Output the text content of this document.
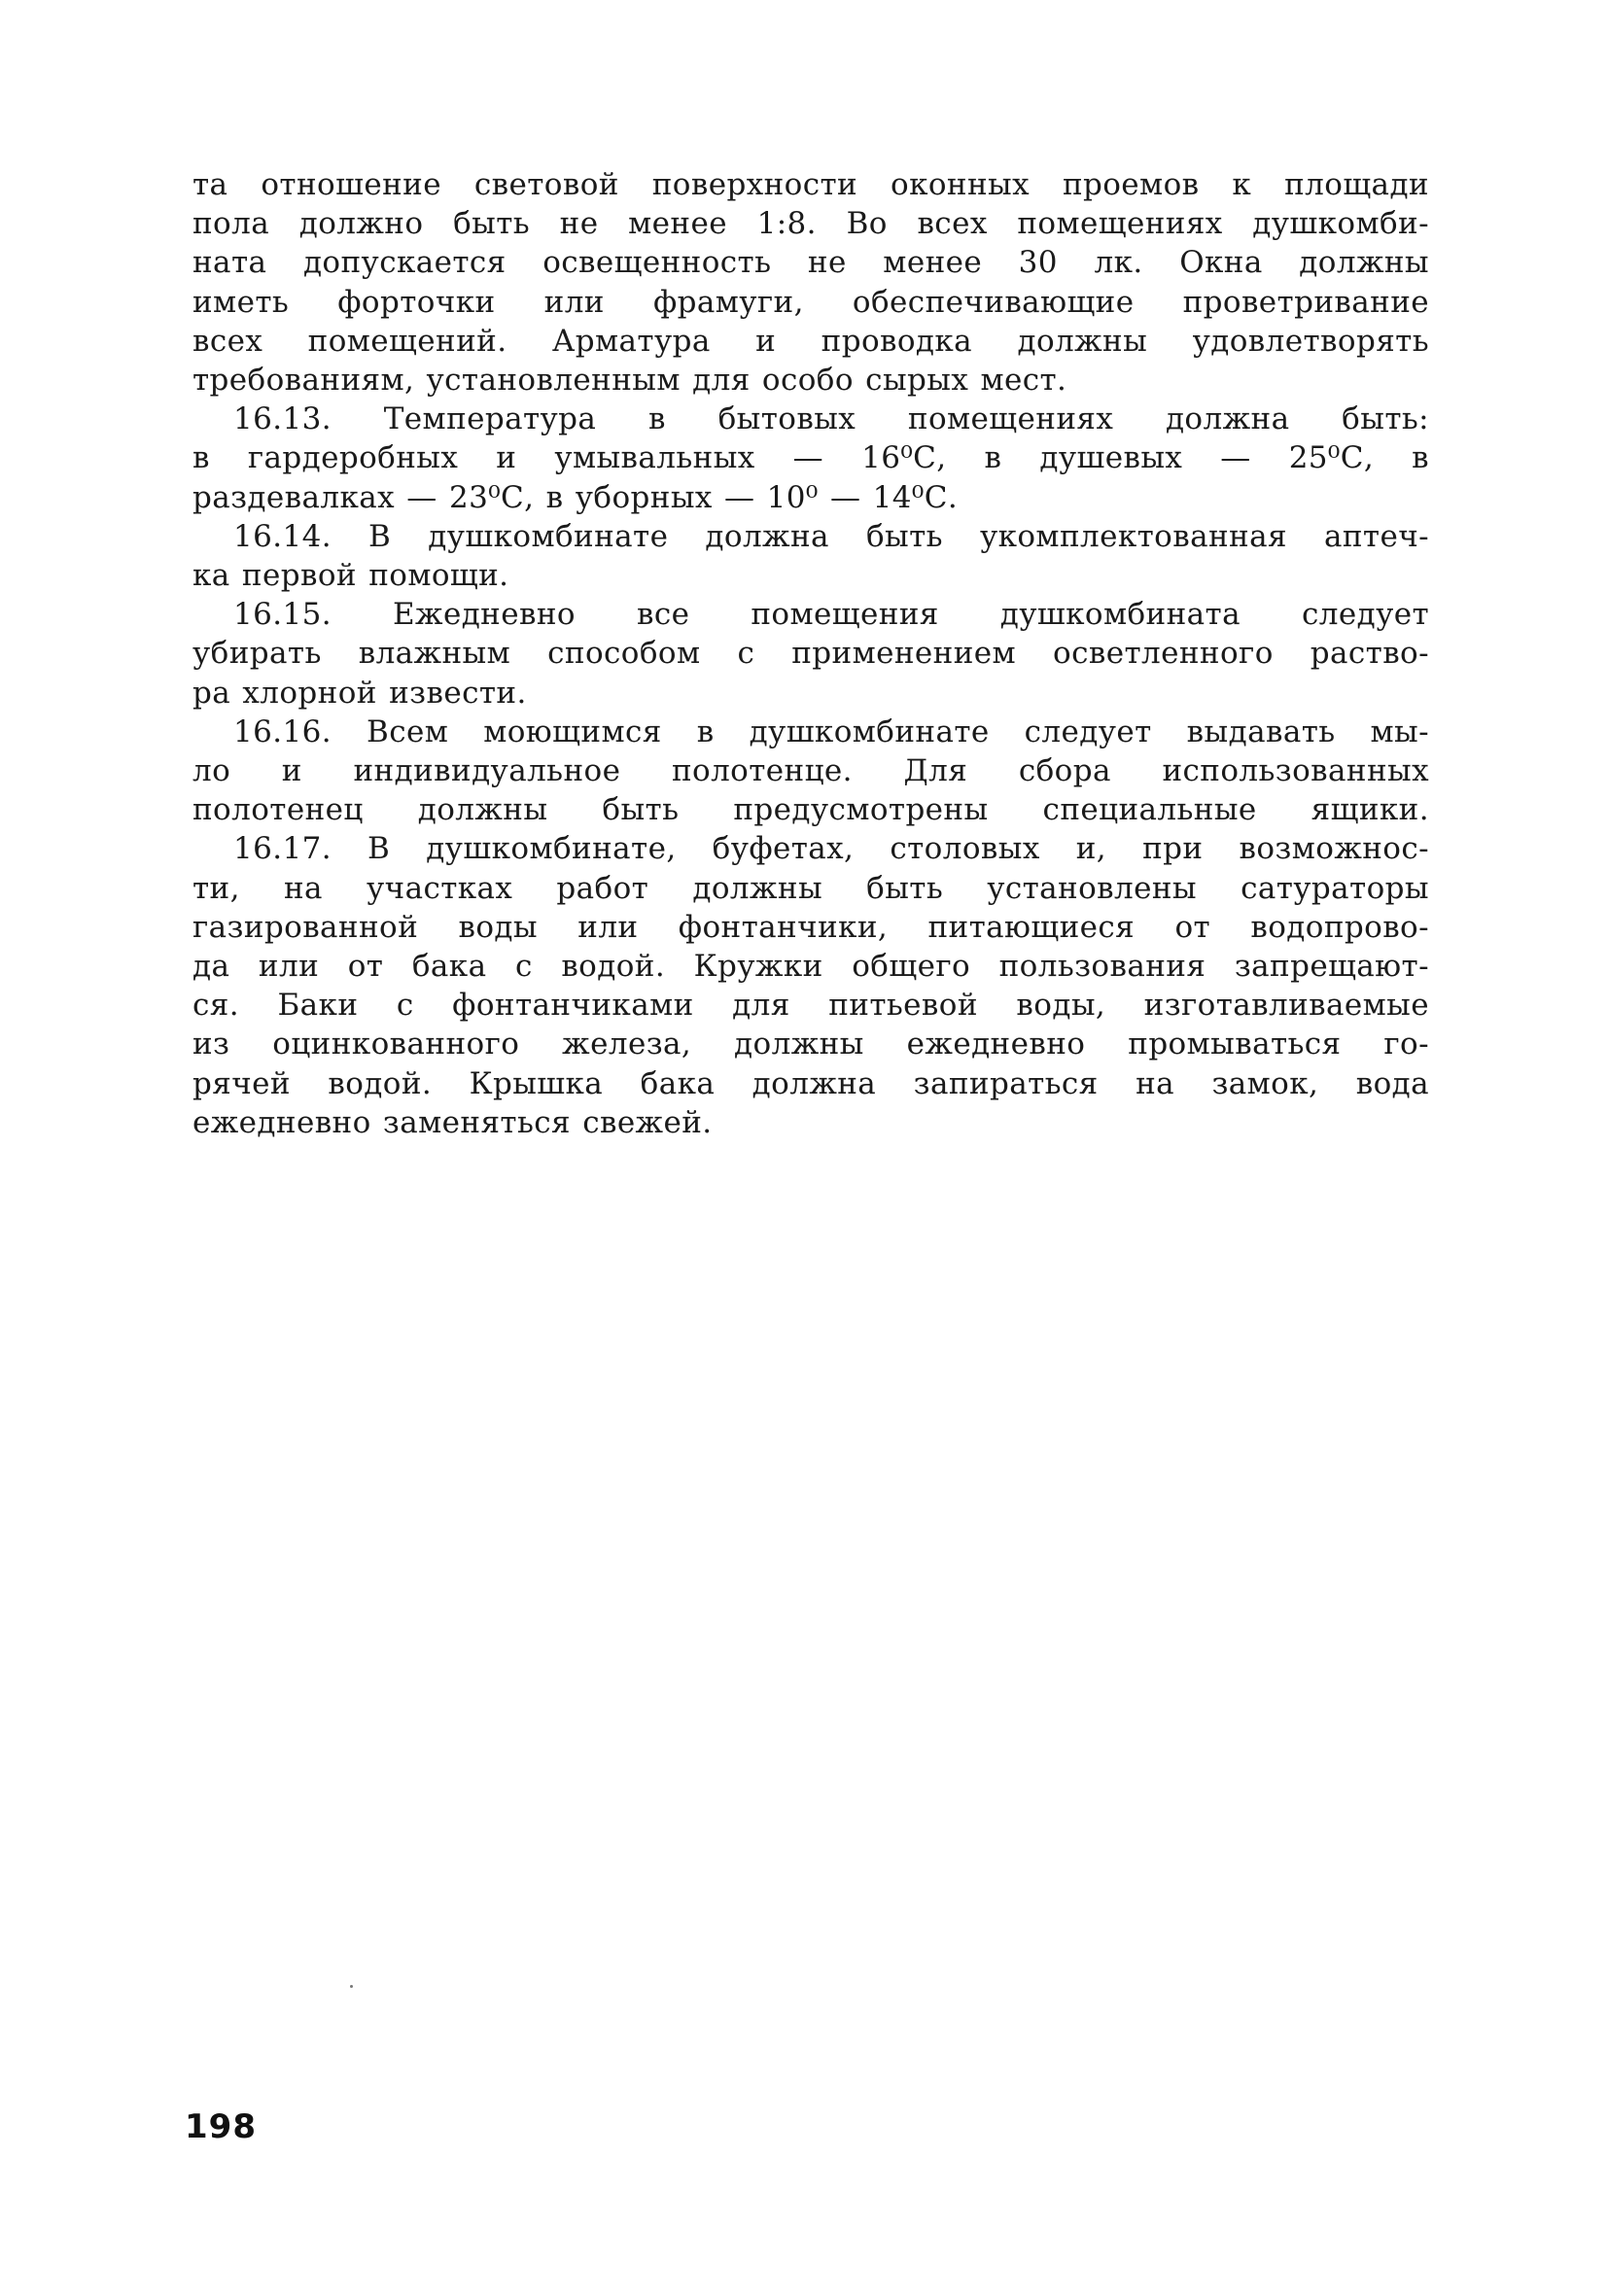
та отношение световой поверхности оконных проемов к площади
пола должно быть не менее 1:8. Во всех помещениях душкомби-
ната допускается освещенность не менее 30 лк. Окна должны
иметь форточки или фрамуги, обеспечивающие проветривание
всех помещений. Арматура и проводка должны удовлетворять
требованиям, установленным для особо сырых мест.

16.13. Температура в бытовых помещениях должна быть:
в гардеробных и умывальных — 16⁰С, в душевых — 25⁰С, в
раздевалках — 23⁰С, в уборных — 10⁰ — 14⁰С.

16.14. В душкомбинате должна быть укомплектованная аптеч-
ка первой помощи.

16.15. Ежедневно все помещения душкомбината следует
убирать влажным способом с применением осветленного раство-
ра хлорной извести.

16.16. Всем моющимся в душкомбинате следует выдавать мы-
ло и индивидуальное полотенце. Для сбора использованных
полотенец должны быть предусмотрены специальные ящики.

16.17. В душкомбинате, буфетах, столовых и, при возможнос-
ти, на участках работ должны быть установлены сатураторы
газированной воды или фонтанчики, питающиеся от водопрово-
да или от бака с водой. Кружки общего пользования запрещают-
ся. Баки с фонтанчиками для питьевой воды, изготавливаемые
из оцинкованного железа, должны ежедневно промываться го-
рячей водой. Крышка бака должна запираться на замок, вода
ежедневно заменяться свежей.

198
